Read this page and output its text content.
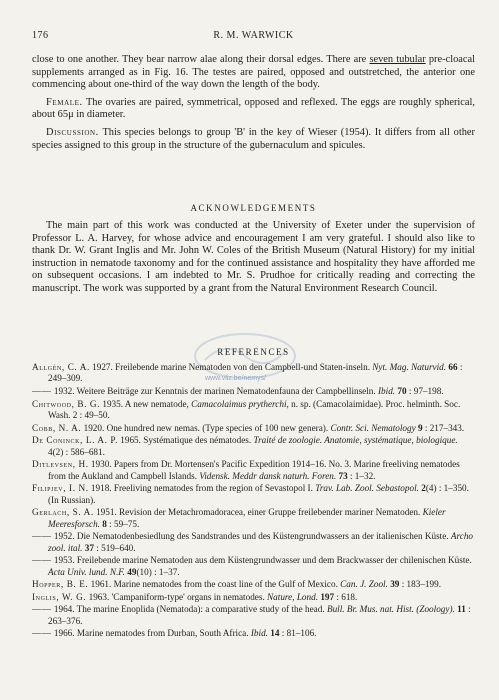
176	R. M. WARWICK

close to one another. They bear narrow alae along their dorsal edges. There are seven tubular pre-cloacal supplements arranged as in Fig. 16. The testes are paired, opposed and outstretched, the anterior one commencing about one-third of the way down the length of the body.

Female. The ovaries are paired, symmetrical, opposed and reflexed. The eggs are roughly spherical, about 65μ in diameter.

Discussion. This species belongs to group 'B' in the key of Wieser (1954). It differs from all other species assigned to this group in the structure of the gubernaculum and spicules.

ACKNOWLEDGEMENTS

The main part of this work was conducted at the University of Exeter under the supervision of Professor L. A. Harvey, for whose advice and encouragement I am very grateful. I should also like to thank Dr. W. Grant Inglis and Mr. John W. Coles of the British Museum (Natural History) for my initial instruction in nematode taxonomy and for the continued assistance and hospitality they have afforded me on subsequent occasions. I am indebted to Mr. S. Prudhoe for critically reading and correcting the manuscript. The work was supported by a grant from the Natural Environment Research Council.

www.vliz.be/nemys/
REFERENCES

Allgén, C. A. 1927. Freilebende marine Nematoden von den Campbell-und Staten-inseln. Nyt. Mag. Naturvid. 66 : 249–309.

—— 1932. Weitere Beiträge zur Kenntnis der marinen Nematodenfauna der Campbellinseln. Ibid. 70 : 97–198.

Chitwood, B. G. 1935. A new nematode, Camacolaimus prytherchi, n. sp. (Camacolaimidae). Proc. helminth. Soc. Wash. 2 : 49–50.

Cobb, N. A. 1920. One hundred new nemas. (Type species of 100 new genera). Contr. Sci. Nematology 9 : 217–343.

De Coninck, L. A. P. 1965. Systématique des nématodes. Traité de zoologie. Anatomie, systématique, biologique. 4(2) : 586–681.

Ditlevsen, H. 1930. Papers from Dr. Mortensen's Pacific Expedition 1914–16. No. 3. Marine freeliving nematodes from the Aukland and Campbell Islands. Vidensk. Meddr dansk naturh. Foren. 73 : 1–32.

Filipjev, I. N. 1918. Freeliving nematodes from the region of Sevastopol I. Trav. Lab. Zool. Sebastopol. 2(4) : 1–350. (In Russian).

Gerlach, S. A. 1951. Revision der Metachromadoracea, einer Gruppe freilebender mariner Nematoden. Kieler Meeresforsch. 8 : 59–75.

—— 1952. Die Nematodenbesiedlung des Sandstrandes und des Küstengrundwassers an der italienischen Küste. Archo zool. ital. 37 : 519–640.

—— 1953. Freilebende marine Nematoden aus dem Küstengrundwasser und dem Brackwasser der chilenischen Küste. Acta Univ. lund. N.F. 49(10) : 1–37.

Hopper, B. E. 1961. Marine nematodes from the coast line of the Gulf of Mexico. Can. J. Zool. 39 : 183–199.

Inglis, W. G. 1963. 'Campaniform-type' organs in nematodes. Nature, Lond. 197 : 618.

—— 1964. The marine Enoplida (Nematoda): a comparative study of the head. Bull. Br. Mus. nat. Hist. (Zoology). 11 : 263–376.

—— 1966. Marine nematodes from Durban, South Africa. Ibid. 14 : 81–106.
